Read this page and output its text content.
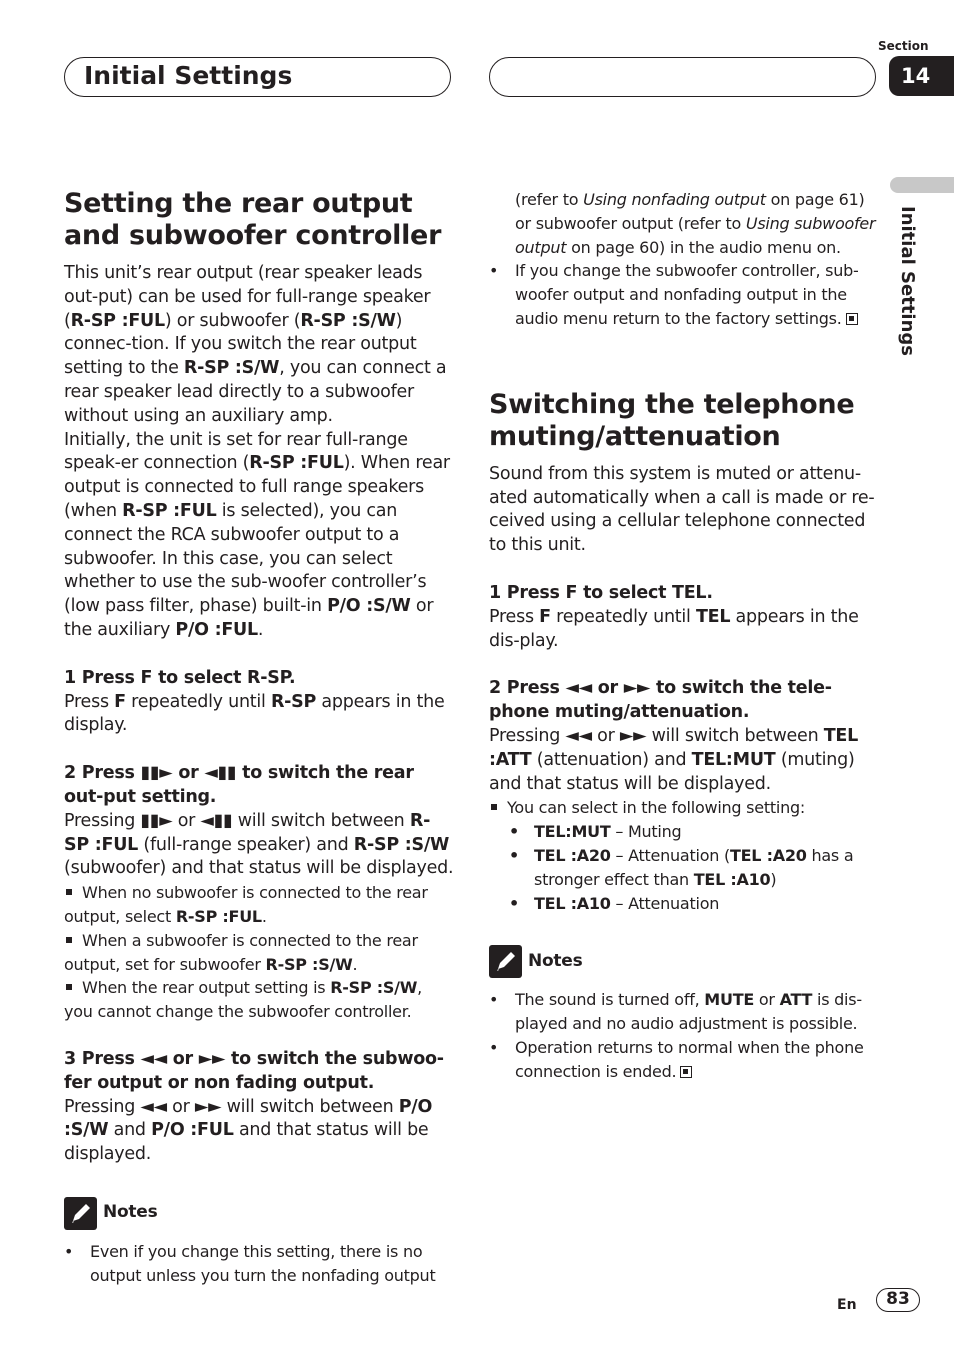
Initial Settings
Section
14
Initial Settings
Setting the rear output and subwoofer controller

This unit’s rear output (rear speaker leads out-put) can be used for full-range speaker (R-SP :FUL) or subwoofer (R-SP :S/W) connec-tion. If you switch the rear output setting to the R-SP :S/W, you can connect a rear speaker lead directly to a subwoofer without using an auxiliary amp.

Initially, the unit is set for rear full-range speak-er connection (R-SP :FUL). When rear output is connected to full range speakers (when R-SP :FUL is selected), you can connect the RCA subwoofer output to a subwoofer. In this case, you can select whether to use the sub-woofer controller’s (low pass filter, phase) built-in P/O :S/W or the auxiliary P/O :FUL.

1 Press F to select R-SP.

Press F repeatedly until R-SP appears in the display.

2 Press ▮▮► or ◄▮▮ to switch the rear out-put setting.

Pressing ▮▮► or ◄▮▮ will switch between R-SP :FUL (full-range speaker) and R-SP :S/W (subwoofer) and that status will be displayed.

When no subwoofer is connected to the rear output, select R-SP :FUL.

When a subwoofer is connected to the rear output, set for subwoofer R-SP :S/W.

When the rear output setting is R-SP :S/W, you cannot change the subwoofer controller.

3 Press ◄◄ or ►► to switch the subwoo-fer output or non fading output.

Pressing ◄◄ or ►► will switch between P/O :S/W and P/O :FUL and that status will be displayed.

Notes

• Even if you change this setting, there is no output unless you turn the nonfading output

(refer to Using nonfading output on page 61) or subwoofer output (refer to Using subwoofer output on page 60) in the audio menu on.

• If you change the subwoofer controller, sub-woofer output and nonfading output in the audio menu return to the factory settings.

Switching the telephone muting/attenuation

Sound from this system is muted or attenu-ated automatically when a call is made or re-ceived using a cellular telephone connected to this unit.

1 Press F to select TEL.

Press F repeatedly until TEL appears in the dis-play.

2 Press ◄◄ or ►► to switch the tele-phone muting/attenuation.

Pressing ◄◄ or ►► will switch between TEL :ATT (attenuation) and TEL:MUT (muting) and that status will be displayed.

You can select in the following setting:

• TEL:MUT – Muting

• TEL :A20 – Attenuation (TEL :A20 has a stronger effect than TEL :A10)

• TEL :A10 – Attenuation

Notes

• The sound is turned off, MUTE or ATT is dis-played and no audio adjustment is possible.

• Operation returns to normal when the phone connection is ended.

En	83
